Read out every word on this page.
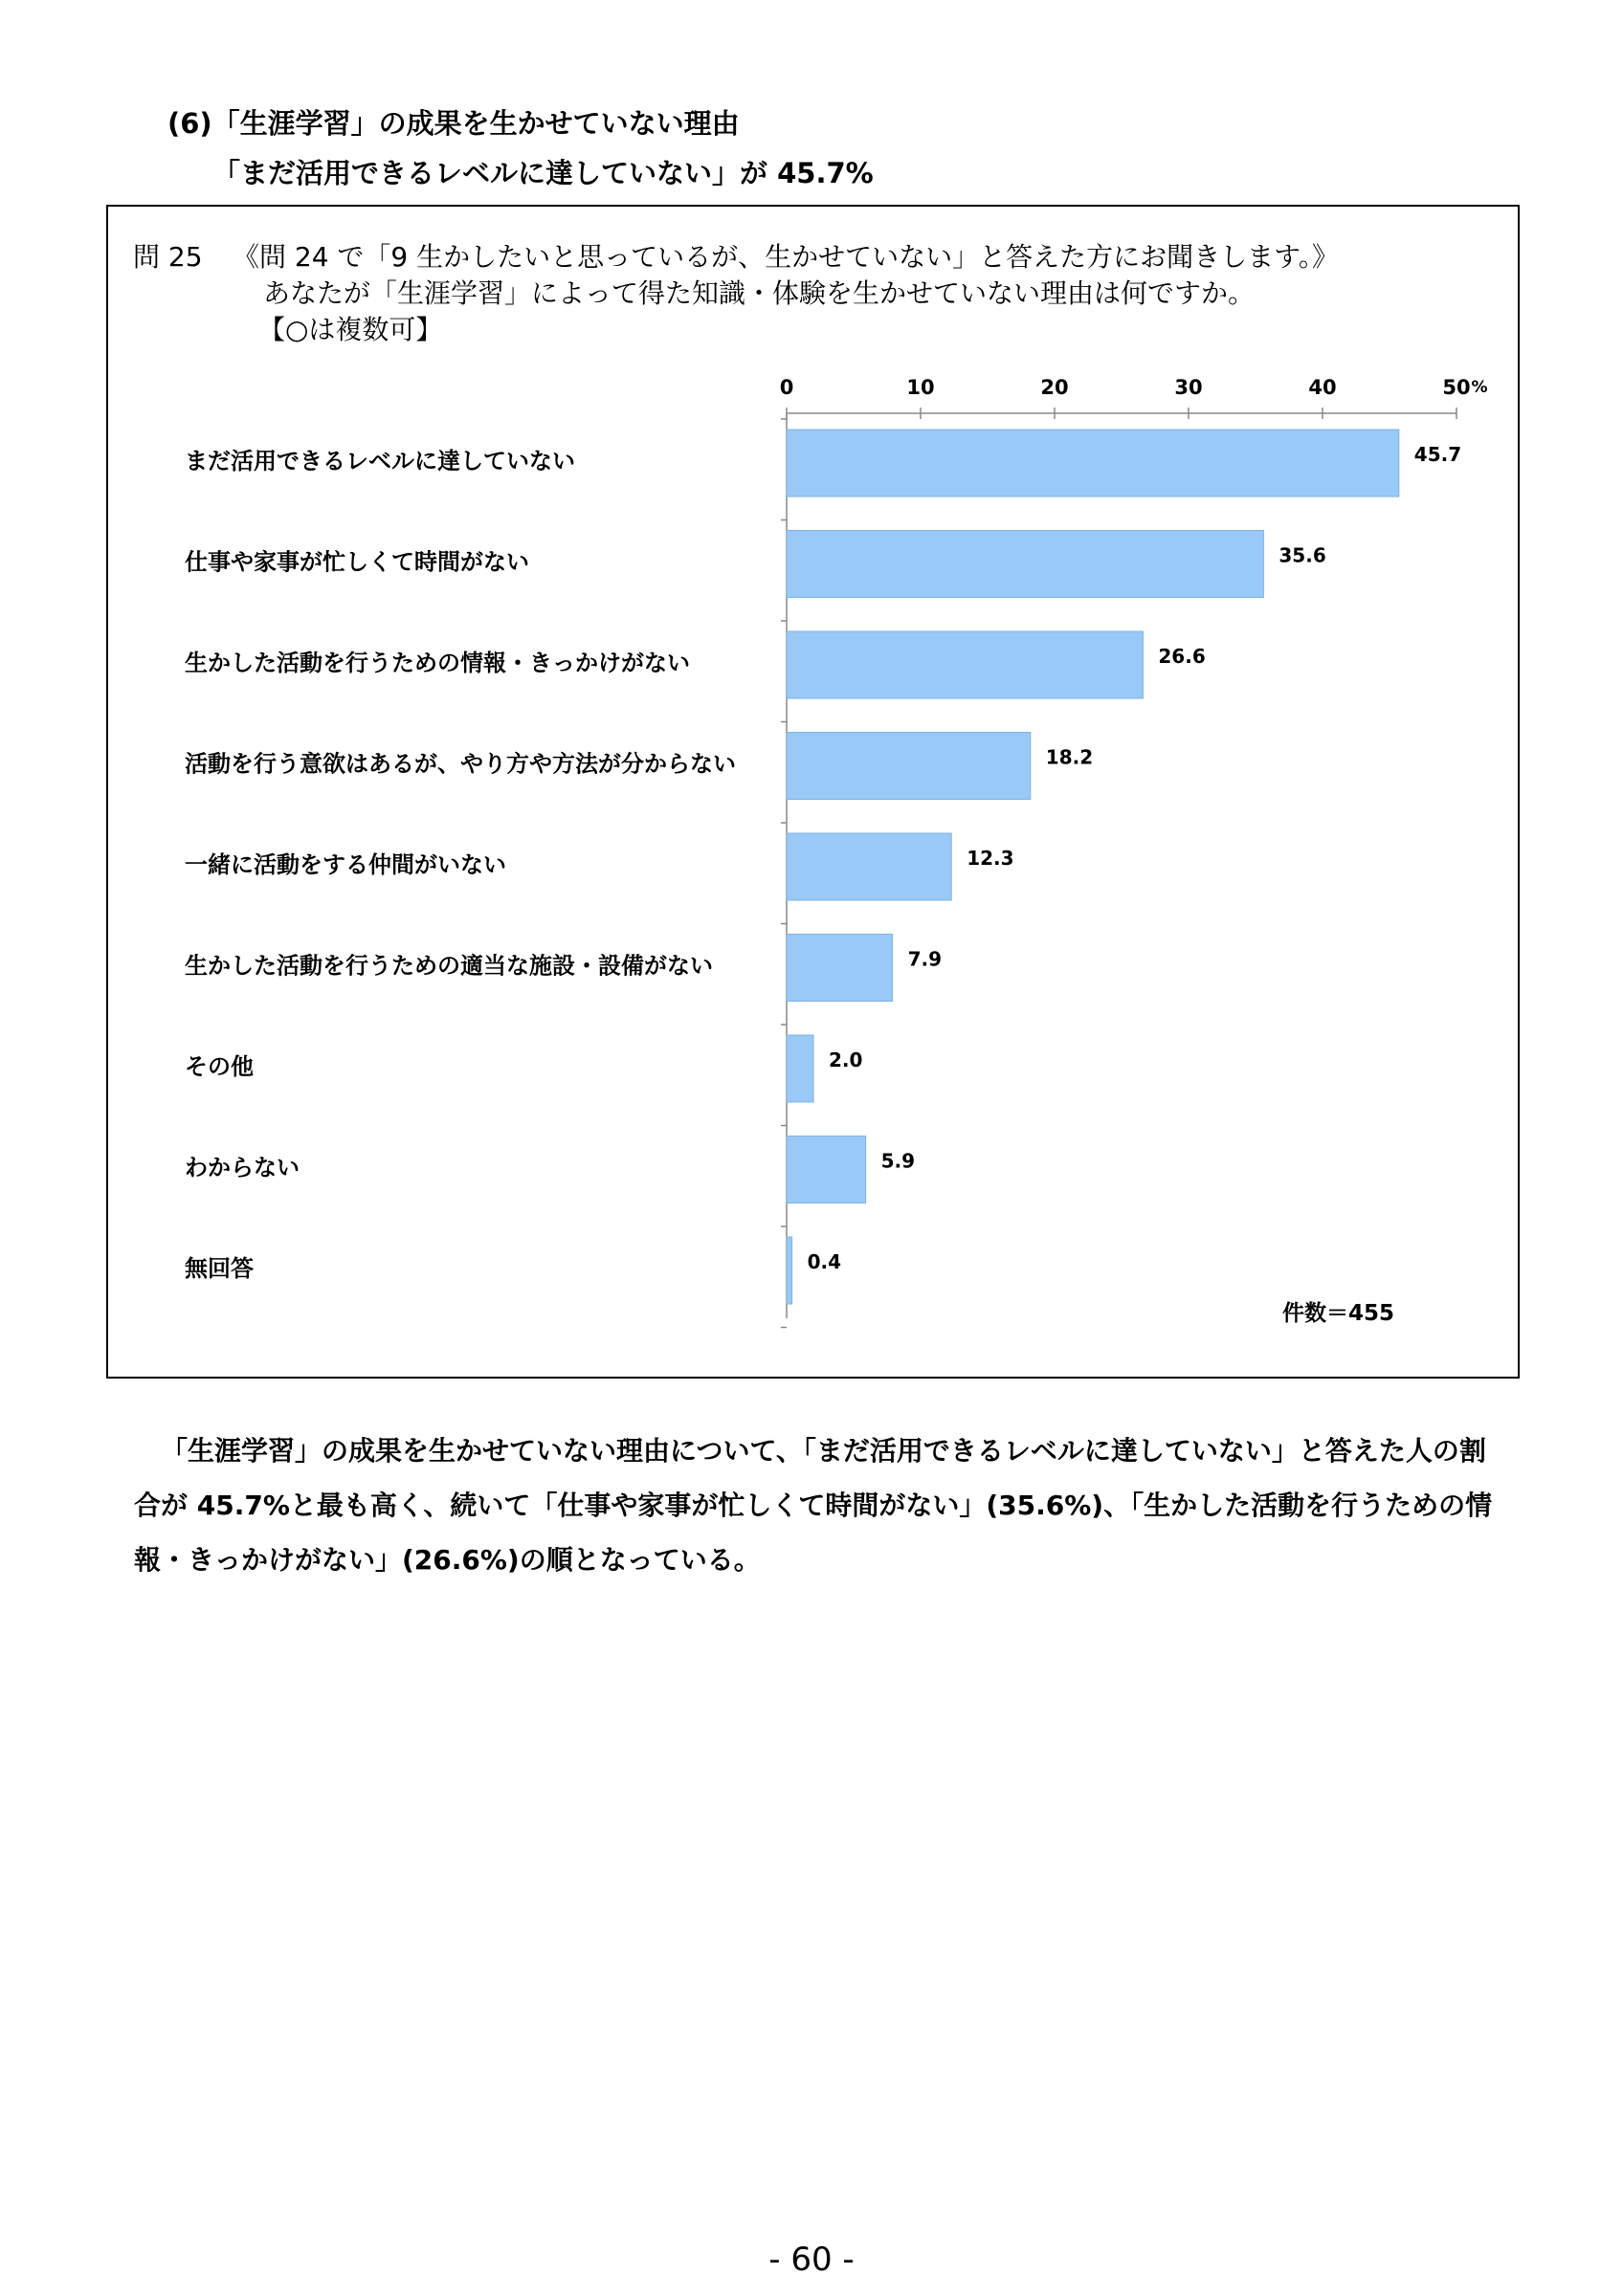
(6)「生涯学習」の成果を生かせていない理由
「まだ活用できるレベルに達していない」が 45.7%
問 25 《問 24 で「9 生かしたいと思っているが、生かせていない」と答えた方にお聞きします。》
あなたが「生涯学習」によって得た知識・体験を生かせていない理由は何ですか。
【○は複数可】
0	10	20	30	40	50 %
まだ活用できるレベルに達していない	45.7
仕事や家事が忙しくて時間がない	35.6
生かした活動を行うための情報・きっかけがない	26.6
活動を行う意欲はあるが、やり方や方法が分からない	18.2
一緒に活動をする仲間がいない	12.3
生かした活動を行うための適当な施設・設備がない	7.9
その他	2.0
わからない	5.9
無回答	0.4
件数＝455

「生涯学習」の成果を生かせていない理由について、「まだ活用できるレベルに達していない」と答えた人の割合が 45.7%と最も高く、続いて「仕事や家事が忙しくて時間がない」(35.6%)、「生かした活動を行うための情報・きっかけがない」(26.6%)の順となっている。

- 60 -
